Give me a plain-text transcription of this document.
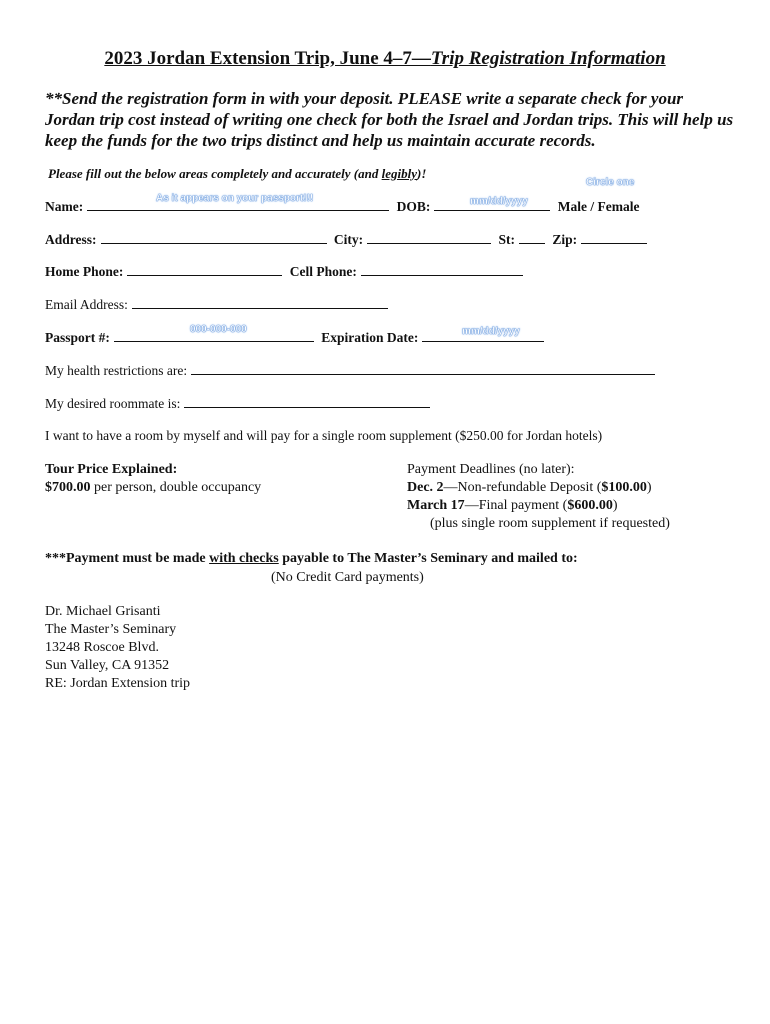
2023 Jordan Extension Trip, June 4–7—Trip Registration Information
**Send the registration form in with your deposit. PLEASE write a separate check for your Jordan trip cost instead of writing one check for both the Israel and Jordan trips. This will help us keep the funds for the two trips distinct and help us maintain accurate records.
Please fill out the below areas completely and accurately (and legibly)!
As it appears on your passport!!!	mm/dd/yyyy
Circle one
000-000-000	mm/dd/yyyy
Name:	DOB:	Male / Female
Address:	City:	St:	Zip:
Home Phone:	Cell Phone:
Email Address:
Passport #:	Expiration Date:
My health restrictions are:
My desired roommate is:
I want to have a room by myself and will pay for a single room supplement ($250.00 for Jordan hotels)
Tour Price Explained:
$700.00 per person, double occupancy
Payment Deadlines (no later):
Dec. 2—Non-refundable Deposit ($100.00)
March 17—Final payment ($600.00)
(plus single room supplement if requested)
***Payment must be made with checks payable to The Master’s Seminary and mailed to:
(No Credit Card payments)
Dr. Michael Grisanti
The Master’s Seminary
13248 Roscoe Blvd.
Sun Valley, CA 91352
RE: Jordan Extension trip
